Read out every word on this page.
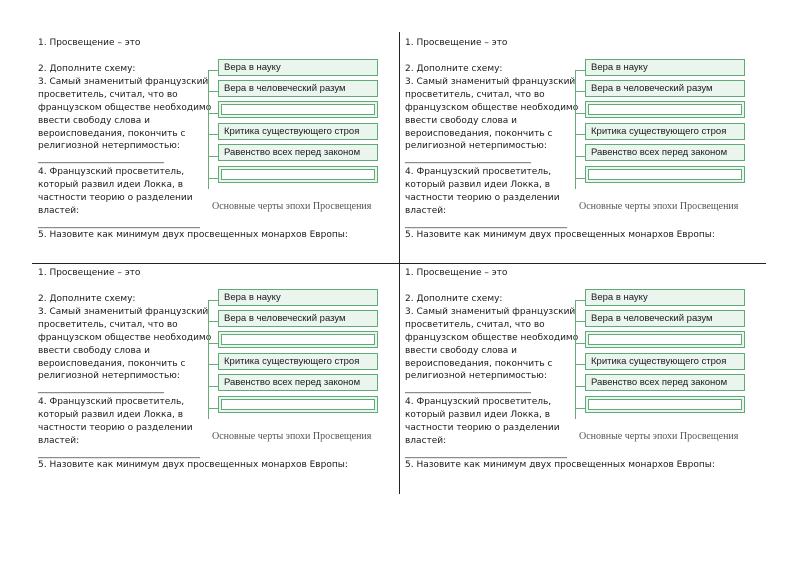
1. Просвещение – это
2. Дополните схему:
3. Самый знаменитый французский просветитель, считал, что во французском обществе необходимо ввести свободу слова и вероисповедания, покончить с религиозной нетерпимостью:
____________________________
4. Французский просветитель, который развил идеи Локка, в частности теорию о разделении властей:
____________________________________
5. Назовите как минимум двух просвещенных монархов Европы:
Вера в науку
Вера в человеческий разум
Критика существующего строя
Равенство всех перед законом
Основные черты эпохи Просвещения
1. Просвещение – это
2. Дополните схему:
3. Самый знаменитый французский просветитель, считал, что во французском обществе необходимо ввести свободу слова и вероисповедания, покончить с религиозной нетерпимостью:
____________________________
4. Французский просветитель, который развил идеи Локка, в частности теорию о разделении властей:
____________________________________
5. Назовите как минимум двух просвещенных монархов Европы:
Вера в науку
Вера в человеческий разум
Критика существующего строя
Равенство всех перед законом
Основные черты эпохи Просвещения
1. Просвещение – это
2. Дополните схему:
3. Самый знаменитый французский просветитель, считал, что во французском обществе необходимо ввести свободу слова и вероисповедания, покончить с религиозной нетерпимостью:
____________________________
4. Французский просветитель, который развил идеи Локка, в частности теорию о разделении властей:
____________________________________
5. Назовите как минимум двух просвещенных монархов Европы:
Вера в науку
Вера в человеческий разум
Критика существующего строя
Равенство всех перед законом
Основные черты эпохи Просвещения
1. Просвещение – это
2. Дополните схему:
3. Самый знаменитый французский просветитель, считал, что во французском обществе необходимо ввести свободу слова и вероисповедания, покончить с религиозной нетерпимостью:
____________________________
4. Французский просветитель, который развил идеи Локка, в частности теорию о разделении властей:
____________________________________
5. Назовите как минимум двух просвещенных монархов Европы:
Вера в науку
Вера в человеческий разум
Критика существующего строя
Равенство всех перед законом
Основные черты эпохи Просвещения
